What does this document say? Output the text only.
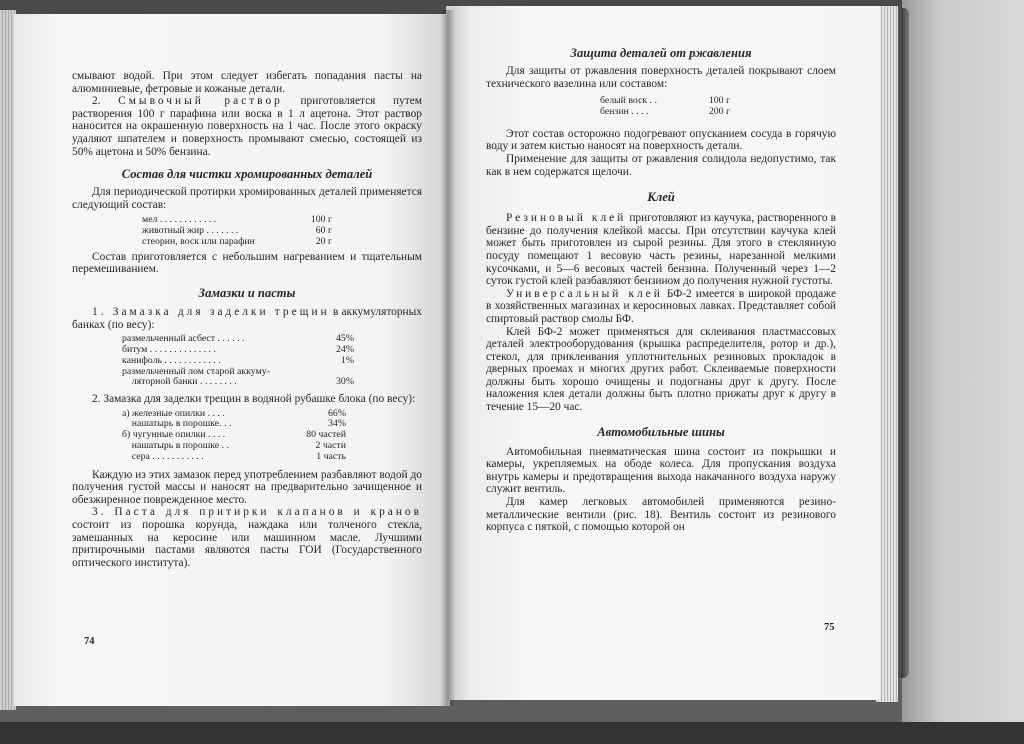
смывают водой. При этом следует избегать попадания пасты на алюминиевые, фетровые и кожаные детали.

2. Смывочный раствор приготовляется путем растворения 100 г парафина или воска в 1 л ацетона. Этот раствор наносится на окрашенную поверхность на 1 час. После этого окраску удаляют шпателем и поверхность промывают смесью, состоящей из 50% ацетона и 50% бензина.

Состав для чистки хромированных деталей

Для периодической протирки хромированных деталей применяется следующий состав:

мел . . . . . . . . . . . .	100 г
животный жир . . . . . . .	60 г
стеорин, воск или парафин	20 г

Состав приготовляется с небольшим нагреванием и тщательным перемешиванием.

Замазки и пасты

1. Замазка для заделки трещин в аккумуляторных банках (по весу):

размельченный асбест . . . . . .	45%
битум . . . . . . . . . . . . . .	24%
канифоль . . . . . . . . . . . .	1%
размельченный лом старой аккуму-
ляторной банки . . . . . . . .	30%

2. Замазка для заделки трещин в водяной рубашке блока (по весу):

а) железные опилки . . . .	66%
нашатырь в порошке. . .	34%
б) чугунные опилки . . . .	80 частей
нашатырь в порошке . .	2 части
сера . . . . . . . . . . .	1 часть

Каждую из этих замазок перед употреблением разбавляют водой до получения густой массы и наносят на предварительно зачищенное и обезжиренное поврежденное место.

3. Паста для притирки клапанов и кранов состоит из порошка корунда, наждака или толченого стекла, замешанных на керосине или машинном масле. Лучшими притирочными пастами являются пасты ГОИ (Государственного оптического института).

74
Защита деталей от ржавления

Для защиты от ржавления поверхность деталей покрывают слоем технического вазелина или составом:

белый воск . .	100 г
бензин . . . .	200 г

Этот состав осторожно подогревают опусканием сосуда в горячую воду и затем кистью наносят на поверхность детали.

Применение для защиты от ржавления солидола недопустимо, так как в нем содержатся щелочи.

Клей

Резиновый клей приготовляют из каучука, растворенного в бензине до получения клейкой массы. При отсутствии каучука клей может быть приготовлен из сырой резины. Для этого в стеклянную посуду помещают 1 весовую часть резины, нарезанной мелкими кусочками, и 5—6 весовых частей бензина. Полученный через 1—2 суток густой клей разбавляют бензином до получения нужной густоты.

Универсальный клей БФ-2 имеется в широкой продаже в хозяйственных магазинах и керосиновых лавках. Представляет собой спиртовый раствор смолы БФ.

Клей БФ-2 может применяться для склеивания пластмассовых деталей электрооборудования (крышка распределителя, ротор и др.), стекол, для приклеивания уплотнительных резиновых прокладок в дверных проемах и многих других работ. Склеиваемые поверхности должны быть хорошо очищены и подогнаны друг к другу. После наложения клея детали должны быть плотно прижаты друг к другу в течение 15—20 час.

Автомобильные шины

Автомобильная пневматическая шина состоит из покрышки и камеры, укрепляемых на ободе колеса. Для пропускания воздуха внутрь камеры и предотвращения выхода накачанного воздуха наружу служит вентиль.

Для камер легковых автомобилей применяются резино-металлические вентили (рис. 18). Вентиль состоит из резинового корпуса с пяткой, с помощью которой он

75
